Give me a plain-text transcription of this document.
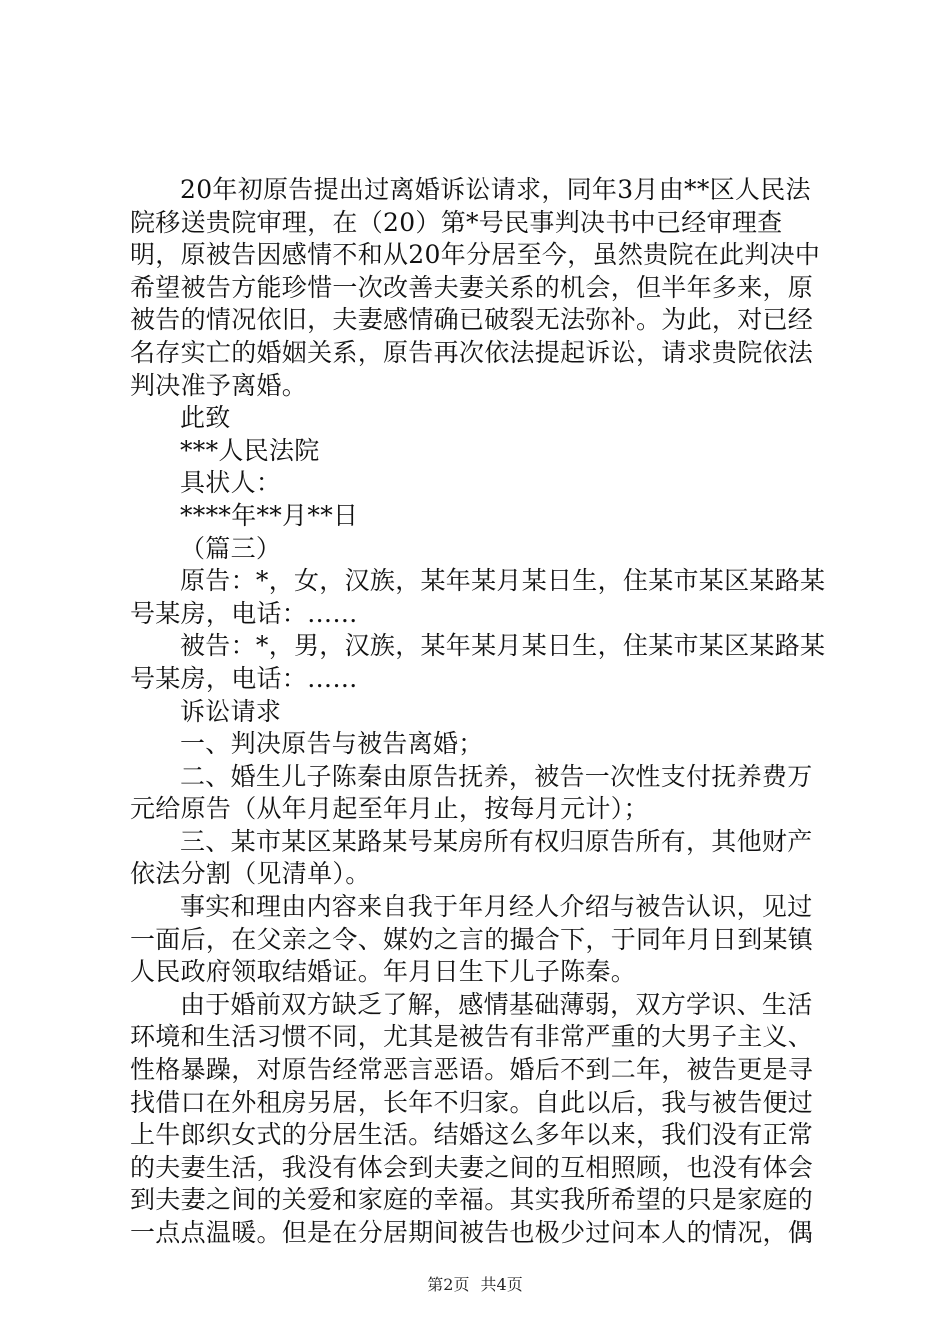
20年初原告提出过离婚诉讼请求，同年3月由**区人民法院移送贵院审理，在（20）第*号民事判决书中已经审理查明，原被告因感情不和从20年分居至今，虽然贵院在此判决中希望被告方能珍惜一次改善夫妻关系的机会，但半年多来，原被告的情况依旧，夫妻感情确已破裂无法弥补。为此，对已经名存实亡的婚姻关系，原告再次依法提起诉讼，请求贵院依法判决准予离婚。

此致

***人民法院

具状人：

****年**月**日

（篇三）

原告：*，女，汉族，某年某月某日生，住某市某区某路某号某房，电话：……

被告：*，男，汉族，某年某月某日生，住某市某区某路某号某房，电话：……

诉讼请求

一、判决原告与被告离婚；

二、婚生儿子陈秦由原告抚养，被告一次性支付抚养费万元给原告（从年月起至年月止，按每月元计）；

三、某市某区某路某号某房所有权归原告所有，其他财产依法分割（见清单）。

事实和理由内容来自我于年月经人介绍与被告认识，见过一面后，在父亲之令、媒妁之言的撮合下，于同年月日到某镇人民政府领取结婚证。年月日生下儿子陈秦。

由于婚前双方缺乏了解，感情基础薄弱，双方学识、生活环境和生活习惯不同，尤其是被告有非常严重的大男子主义、性格暴躁，对原告经常恶言恶语。婚后不到二年，被告更是寻找借口在外租房另居，长年不归家。自此以后，我与被告便过上牛郎织女式的分居生活。结婚这么多年以来，我们没有正常的夫妻生活，我没有体会到夫妻之间的互相照顾，也没有体会到夫妻之间的关爱和家庭的幸福。其实我所希望的只是家庭的一点点温暖。但是在分居期间被告也极少过问本人的情况，偶

第2页 共4页
